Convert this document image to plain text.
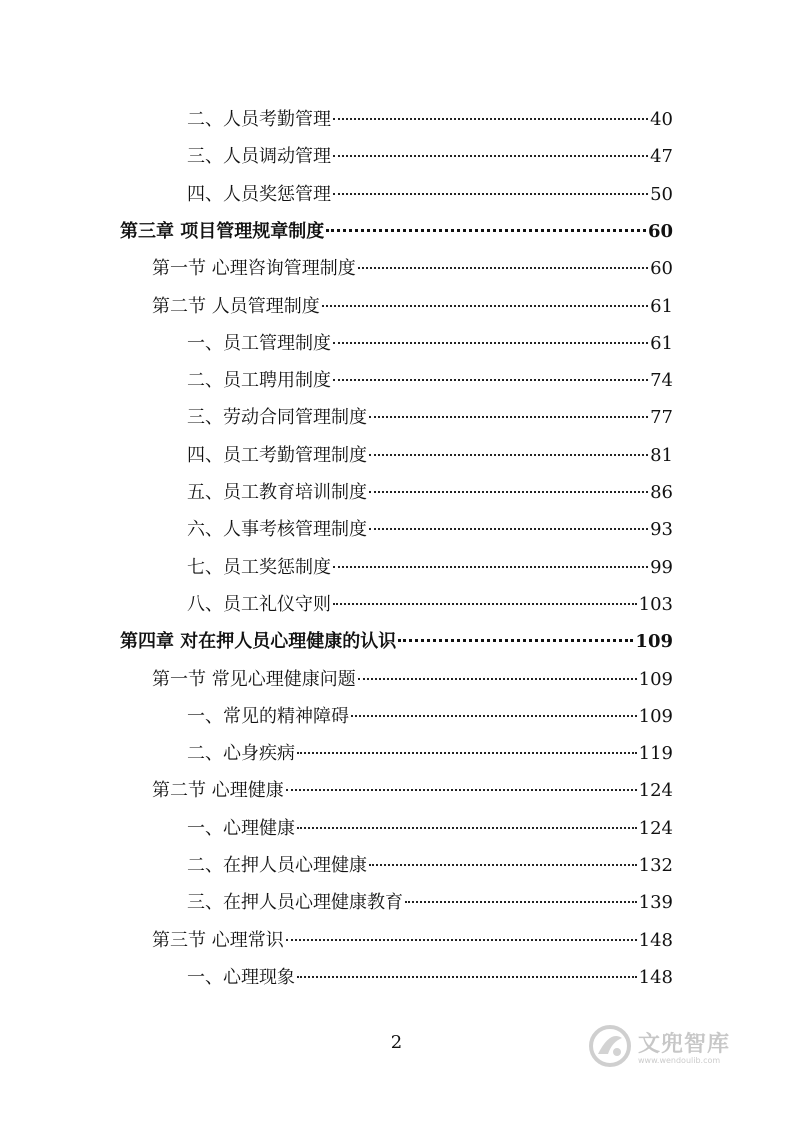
二、人员考勤管理	40
三、人员调动管理	47
四、人员奖惩管理	50
第三章 项目管理规章制度	60
第一节 心理咨询管理制度	60
第二节 人员管理制度	61
一、员工管理制度	61
二、员工聘用制度	74
三、劳动合同管理制度	77
四、员工考勤管理制度	81
五、员工教育培训制度	86
六、人事考核管理制度	93
七、员工奖惩制度	99
八、员工礼仪守则	103
第四章 对在押人员心理健康的认识	109
第一节 常见心理健康问题	109
一、常见的精神障碍	109
二、心身疾病	119
第二节 心理健康	124
一、心理健康	124
二、在押人员心理健康	132
三、在押人员心理健康教育	139
第三节 心理常识	148
一、心理现象	148
2	文兜智库
www.wendoulib.com
